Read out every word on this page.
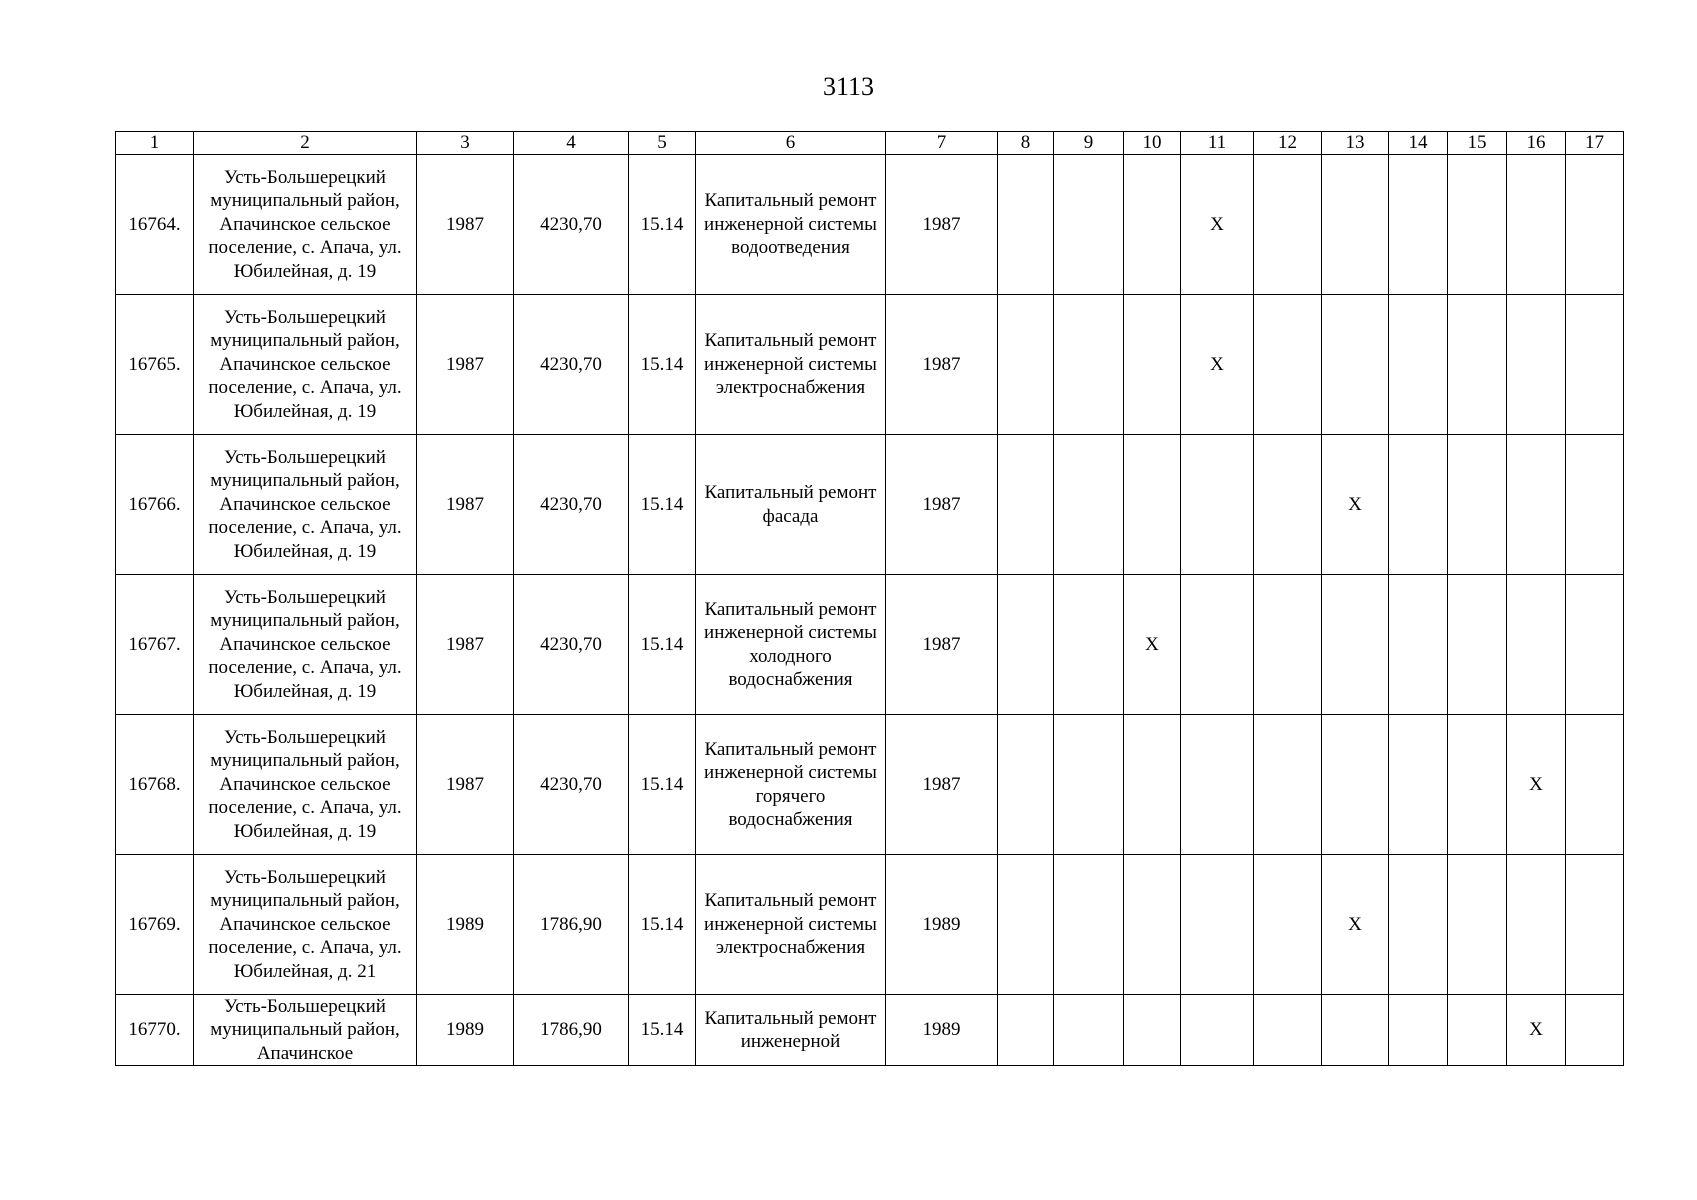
3113
1	2	3	4	5	6	7	8	9	10	11	12	13	14	15	16	17
16764.	Усть-Большерецкий муниципальный район, Апачинское сельское поселение, с. Апача, ул. Юбилейная, д. 19	1987	4230,70	15.14	Капитальный ремонт инженерной системы водоотведения	1987				X						
16765.	Усть-Большерецкий муниципальный район, Апачинское сельское поселение, с. Апача, ул. Юбилейная, д. 19	1987	4230,70	15.14	Капитальный ремонт инженерной системы электроснабжения	1987				X						
16766.	Усть-Большерецкий муниципальный район, Апачинское сельское поселение, с. Апача, ул. Юбилейная, д. 19	1987	4230,70	15.14	Капитальный ремонт фасада	1987						X				
16767.	Усть-Большерецкий муниципальный район, Апачинское сельское поселение, с. Апача, ул. Юбилейная, д. 19	1987	4230,70	15.14	Капитальный ремонт инженерной системы холодного водоснабжения	1987			X							
16768.	Усть-Большерецкий муниципальный район, Апачинское сельское поселение, с. Апача, ул. Юбилейная, д. 19	1987	4230,70	15.14	Капитальный ремонт инженерной системы горячего водоснабжения	1987									X	
16769.	Усть-Большерецкий муниципальный район, Апачинское сельское поселение, с. Апача, ул. Юбилейная, д. 21	1989	1786,90	15.14	Капитальный ремонт инженерной системы электроснабжения	1989						X				
16770.	Усть-Большерецкий муниципальный район, Апачинское	1989	1786,90	15.14	Капитальный ремонт инженерной	1989									X	
